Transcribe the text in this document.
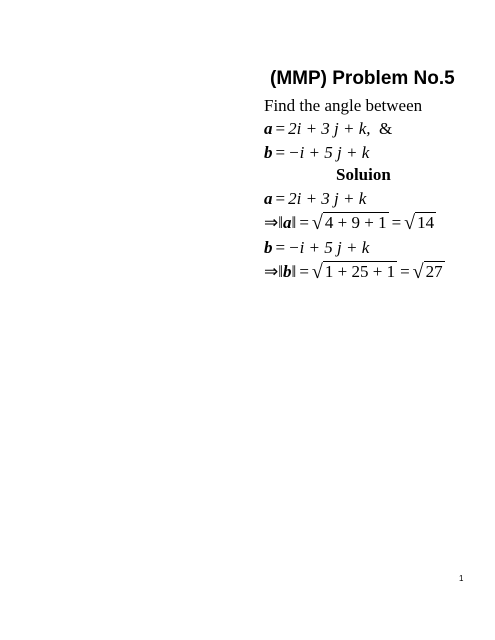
(MMP) Problem No.5
Find the angle between
a = 2i + 3 j + k, &
b = −i + 5 j + k
Soluion
a = 2i + 3 j + k
⇒‖a‖ = √ 4 + 9 + 1 = √ 14
b = −i + 5 j + k
⇒‖b‖ = √ 1 + 25 + 1 = √ 27
1
